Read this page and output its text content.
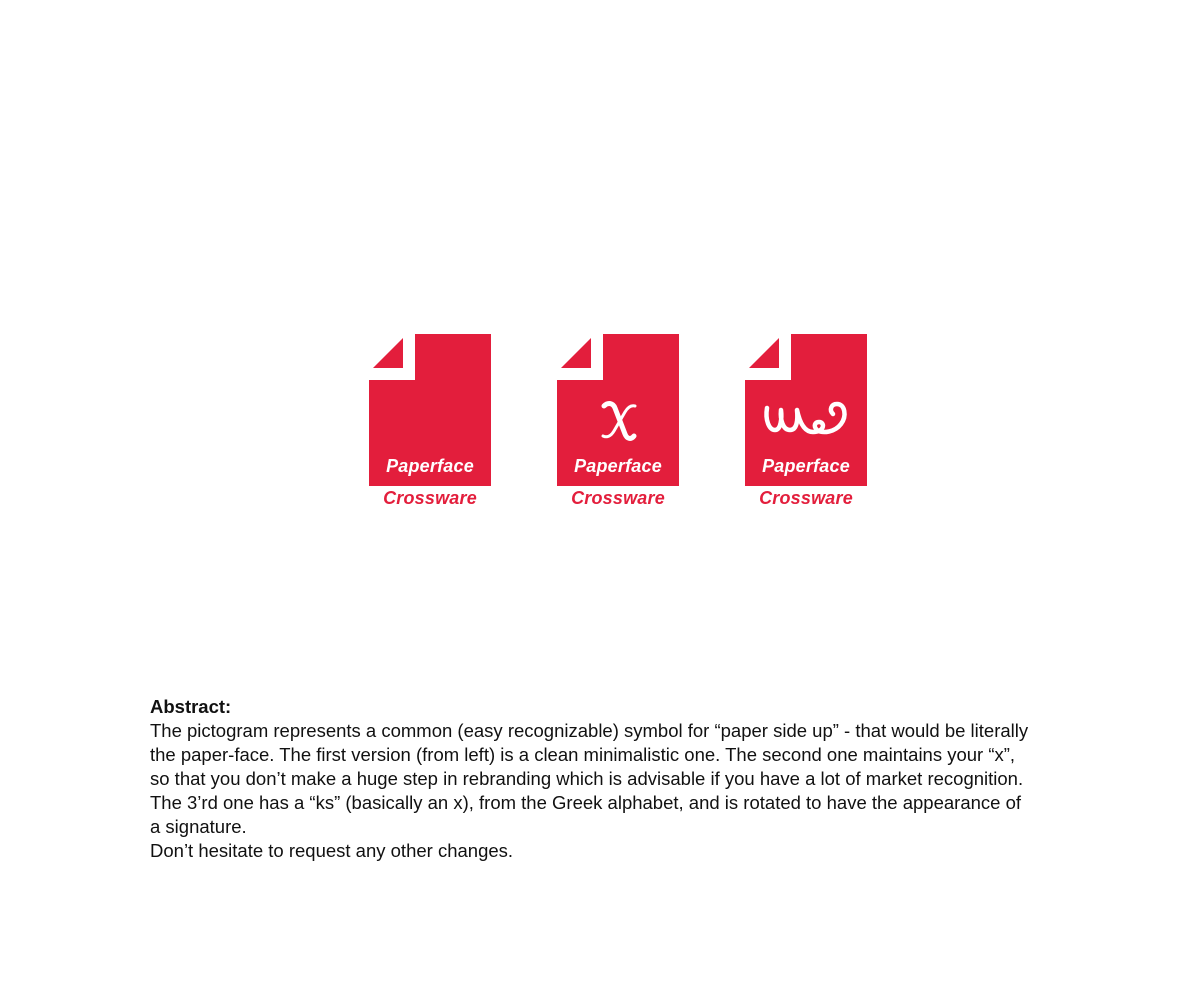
Paperface
Crossware
Paperface
Crossware
Paperface
Crossware

Abstract:

The pictogram represents a common (easy recognizable) symbol for “paper side up” - that would be literally

the paper-face. The first version (from left) is a clean minimalistic one. The second one maintains your “x”,

so that you don’t make a huge step in rebranding which is advisable if you have a lot of market recognition.

The 3’rd one has a “ks” (basically an x), from the Greek alphabet, and is rotated to have the appearance of

a signature.

Don’t hesitate to request any other changes.
